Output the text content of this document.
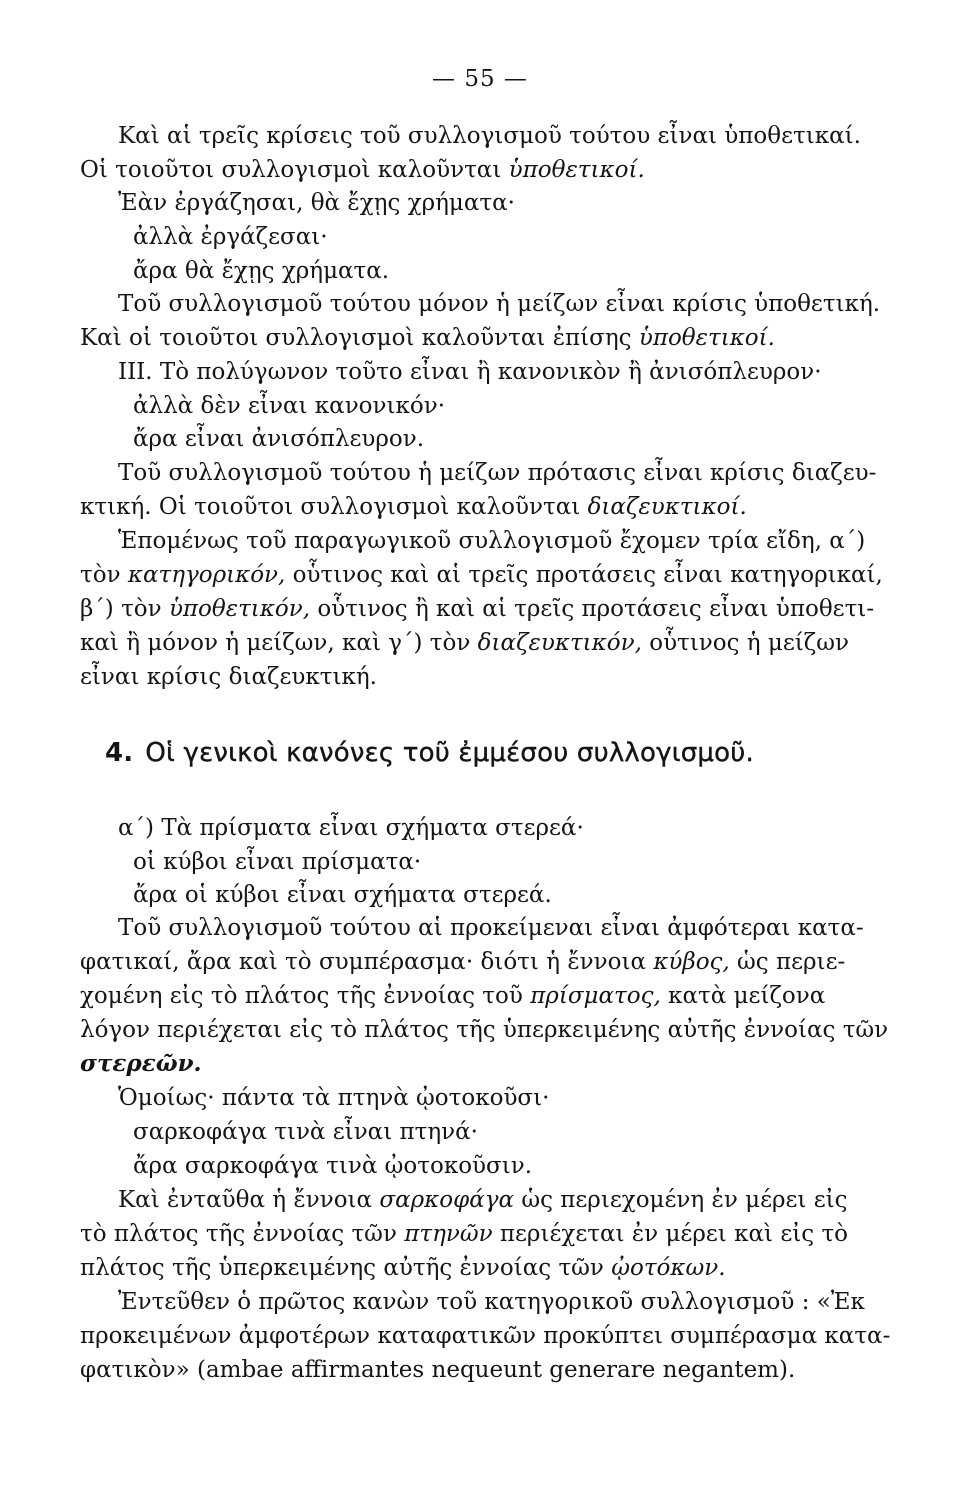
— 55 —
Καὶ αἱ τρεῖς κρίσεις τοῦ συλλογισμοῦ τούτου εἶναι ὑποθετικαί.
Οἱ τοιοῦτοι συλλογισμοὶ καλοῦνται ὑποθετικοί.
Ἐὰν ἐργάζησαι, θὰ ἔχῃς χρήματα·
ἀλλὰ ἐργάζεσαι·
ἄρα θὰ ἔχῃς χρήματα.
Τοῦ συλλογισμοῦ τούτου μόνον ἡ μείζων εἶναι κρίσις ὑποθετική.
Καὶ οἱ τοιοῦτοι συλλογισμοὶ καλοῦνται ἐπίσης ὑποθετικοί.
III. Τὸ πολύγωνον τοῦτο εἶναι ἢ κανονικὸν ἢ ἀνισόπλευρον·
ἀλλὰ δὲν εἶναι κανονικόν·
ἄρα εἶναι ἀνισόπλευρον.
Τοῦ συλλογισμοῦ τούτου ἡ μείζων πρότασις εἶναι κρίσις διαζευ-
κτική. Οἱ τοιοῦτοι συλλογισμοὶ καλοῦνται διαζευκτικοί.
Ἑπομένως τοῦ παραγωγικοῦ συλλογισμοῦ ἔχομεν τρία εἴδη, α΄)
τὸν κατηγορικόν, οὗτινος καὶ αἱ τρεῖς προτάσεις εἶναι κατηγορικαί,
β΄) τὸν ὑποθετικόν, οὗτινος ἢ καὶ αἱ τρεῖς προτάσεις εἶναι ὑποθετι-
καὶ ἢ μόνον ἡ μείζων, καὶ γ΄) τὸν διαζευκτικόν, οὗτινος ἡ μείζων
εἶναι κρίσις διαζευκτική.
4. Οἱ γενικοὶ κανόνες τοῦ ἐμμέσου συλλογισμοῦ.
α΄) Τὰ πρίσματα εἶναι σχήματα στερεά·
οἱ κύβοι εἶναι πρίσματα·
ἄρα οἱ κύβοι εἶναι σχήματα στερεά.
Τοῦ συλλογισμοῦ τούτου αἱ προκείμεναι εἶναι ἀμφότεραι κατα-
φατικαί, ἄρα καὶ τὸ συμπέρασμα· διότι ἡ ἔννοια κύβος, ὡς περιε-
χομένη εἰς τὸ πλάτος τῆς ἐννοίας τοῦ πρίσματος, κατὰ μείζονα
λόγον περιέχεται εἰς τὸ πλάτος τῆς ὑπερκειμένης αὐτῆς ἐννοίας τῶν
στερεῶν.
Ὁμοίως· πάντα τὰ πτηνὰ ᾠοτοκοῦσι·
σαρκοφάγα τινὰ εἶναι πτηνά·
ἄρα σαρκοφάγα τινὰ ᾠοτοκοῦσιν.
Καὶ ἐνταῦθα ἡ ἔννοια σαρκοφάγα ὡς περιεχομένη ἐν μέρει εἰς
τὸ πλάτος τῆς ἐννοίας τῶν πτηνῶν περιέχεται ἐν μέρει καὶ εἰς τὸ
πλάτος τῆς ὑπερκειμένης αὐτῆς ἐννοίας τῶν ᾠοτόκων.
Ἐντεῦθεν ὁ πρῶτος κανὼν τοῦ κατηγορικοῦ συλλογισμοῦ : «Ἐκ
προκειμένων ἀμφοτέρων καταφατικῶν προκύπτει συμπέρασμα κατα-
φατικὸν» (ambae affirmantes nequeunt generare negantem).
